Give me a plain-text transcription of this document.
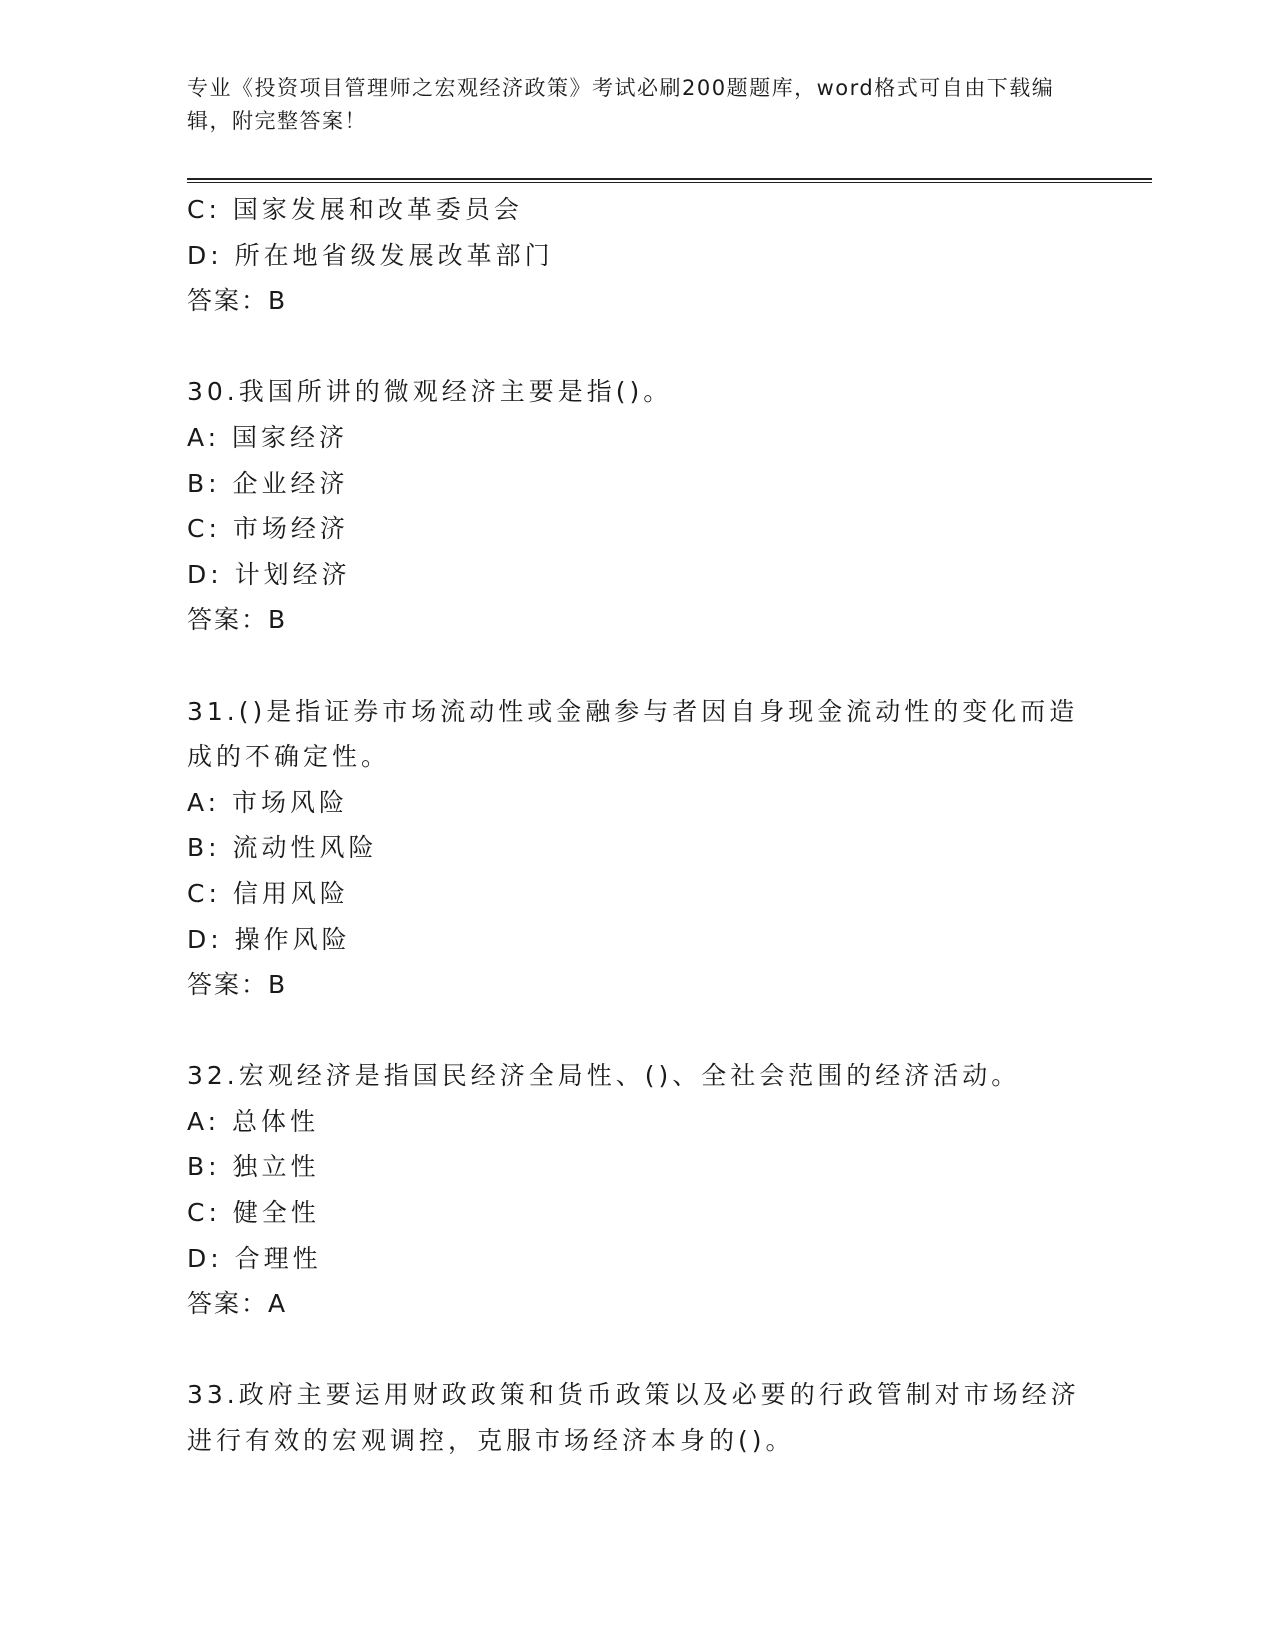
专业《投资项目管理师之宏观经济政策》考试必刷200题题库，word格式可自由下载编辑，附完整答案！
C: 国家发展和改革委员会
D: 所在地省级发展改革部门
答案：B
30.我国所讲的微观经济主要是指()。
A: 国家经济
B: 企业经济
C: 市场经济
D: 计划经济
答案：B
31.()是指证券市场流动性或金融参与者因自身现金流动性的变化而造
成的不确定性。
A: 市场风险
B: 流动性风险
C: 信用风险
D: 操作风险
答案：B
32.宏观经济是指国民经济全局性、()、全社会范围的经济活动。
A: 总体性
B: 独立性
C: 健全性
D: 合理性
答案：A
33.政府主要运用财政政策和货币政策以及必要的行政管制对市场经济
进行有效的宏观调控，克服市场经济本身的()。
